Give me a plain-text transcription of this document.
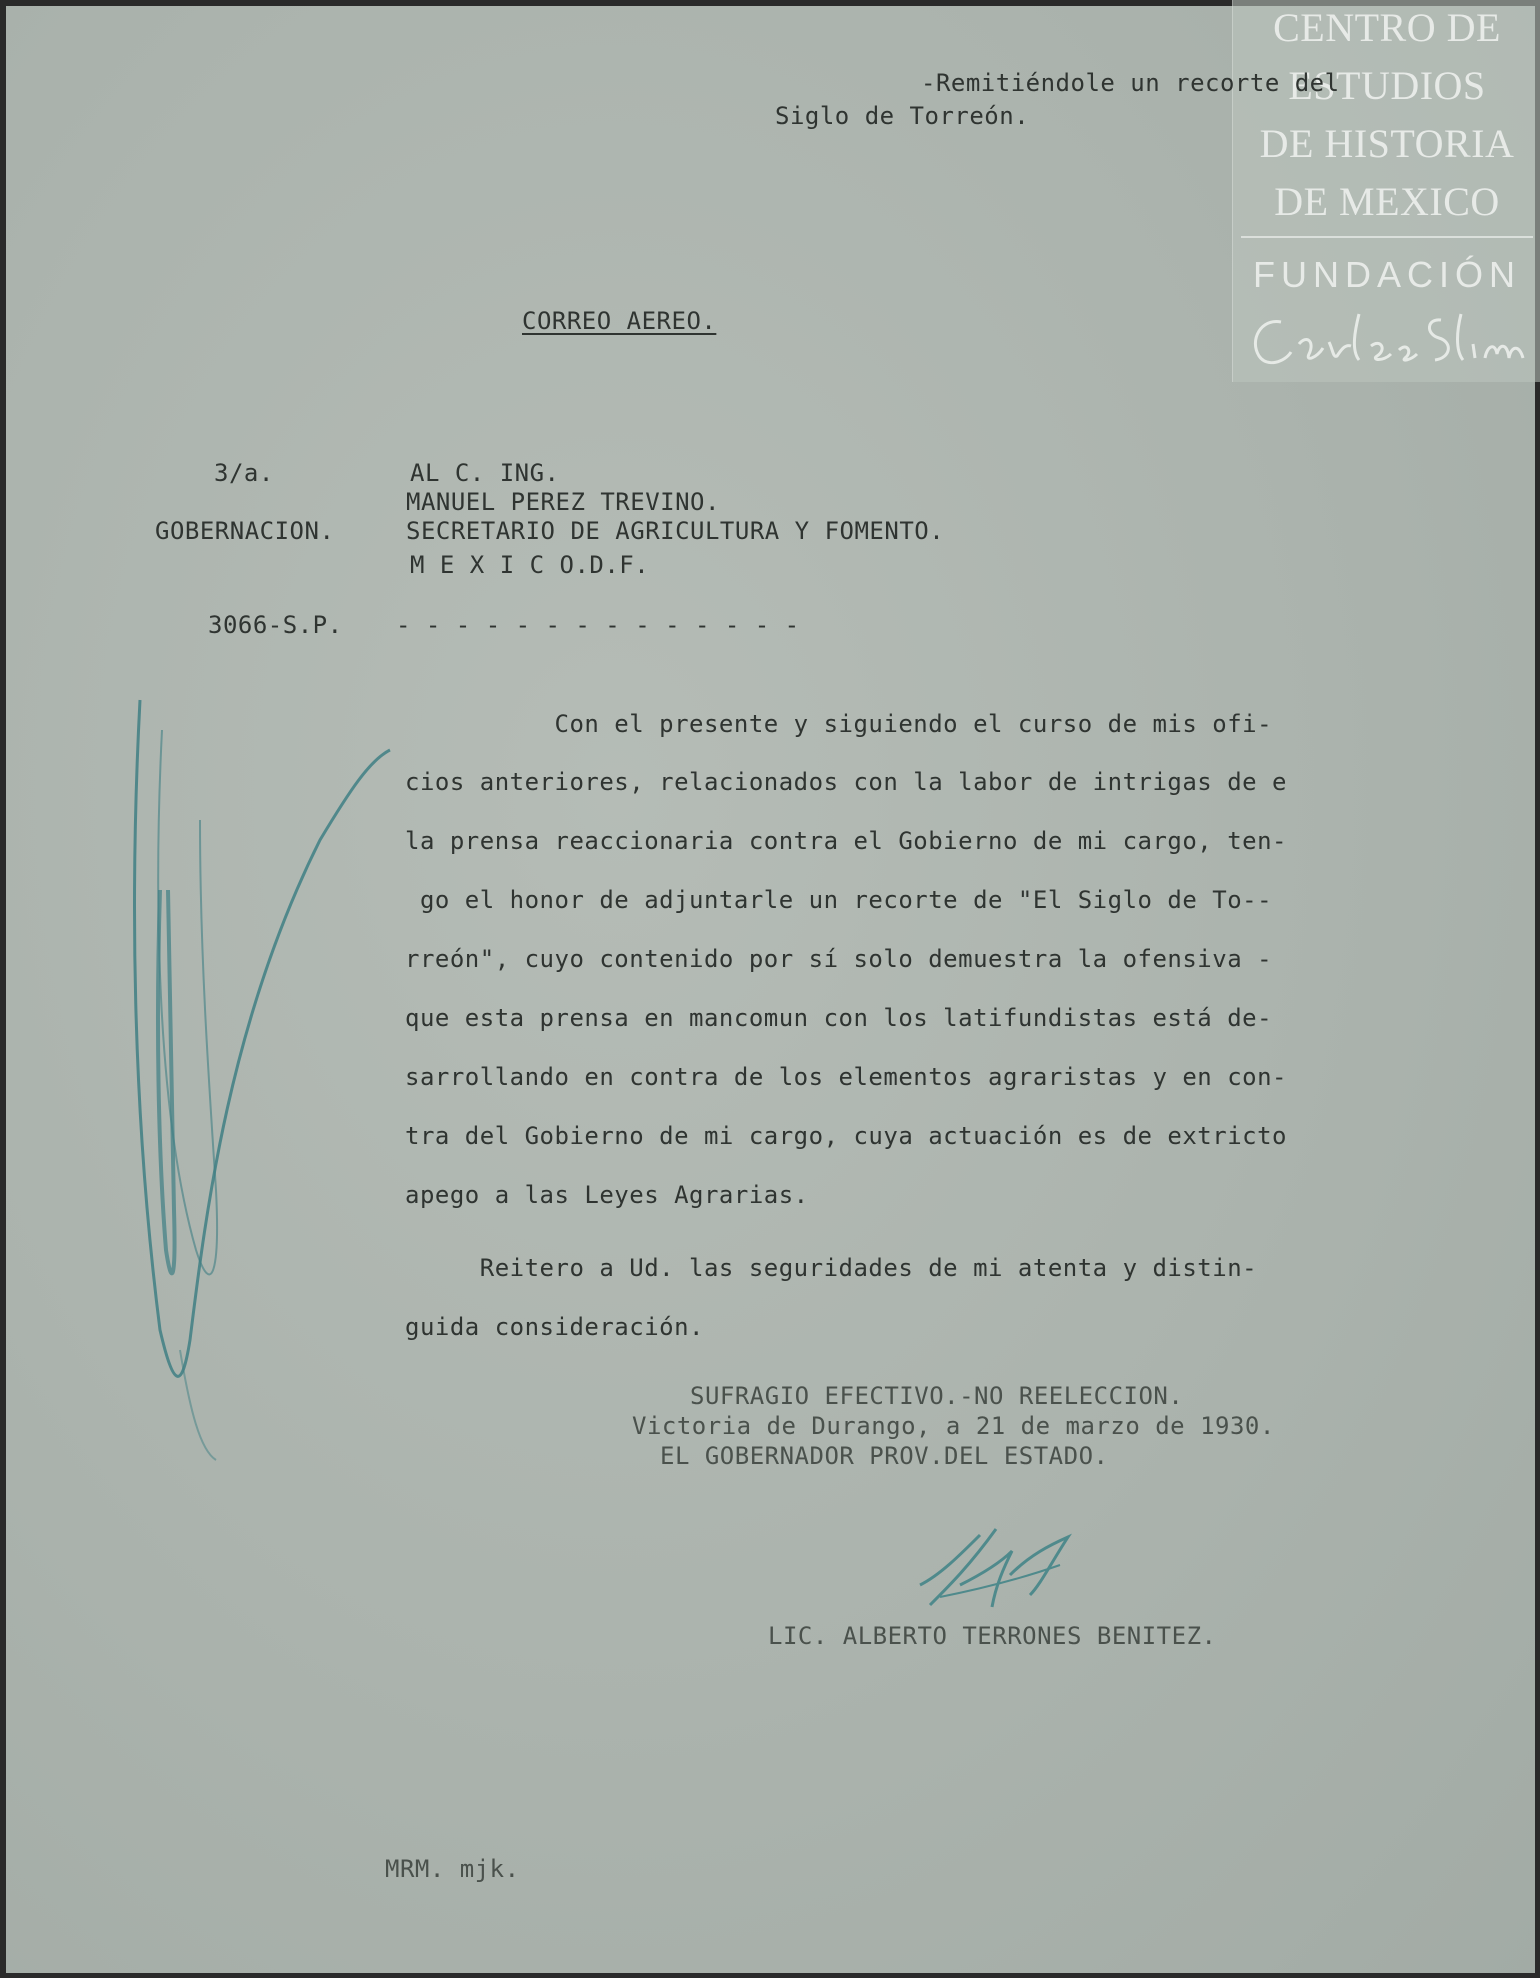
CENTRO DE
ESTUDIOS
DE HISTORIA
DE MEXICO
FUNDACIÓN
-Remitiéndole un recorte del
Siglo de Torreón.
CORREO AEREO.
3/a.
GOBERNACION.
3066-S.P.
AL C. ING.
MANUEL PEREZ TREVINO.
SECRETARIO DE AGRICULTURA Y FOMENTO.
M E X I C O.D.F.
- - - - - - - - - - - - - -
Con el presente y siguiendo el curso de mis ofi-
cios anteriores, relacionados con la labor de intrigas de e
la prensa reaccionaria contra el Gobierno de mi cargo, ten-
go el honor de adjuntarle un recorte de "El Siglo de To--
rreón", cuyo contenido por sí solo demuestra la ofensiva -
que esta prensa en mancomun con los latifundistas está de-
sarrollando en contra de los elementos agraristas y en con-
tra del Gobierno de mi cargo, cuya actuación es de extricto
apego a las Leyes Agrarias.
Reitero a Ud. las seguridades de mi atenta y distin-
guida consideración.
SUFRAGIO EFECTIVO.-NO REELECCION.
Victoria de Durango, a 21 de marzo de 1930.
EL GOBERNADOR PROV.DEL ESTADO.
LIC. ALBERTO TERRONES BENITEZ.
MRM. mjk.
